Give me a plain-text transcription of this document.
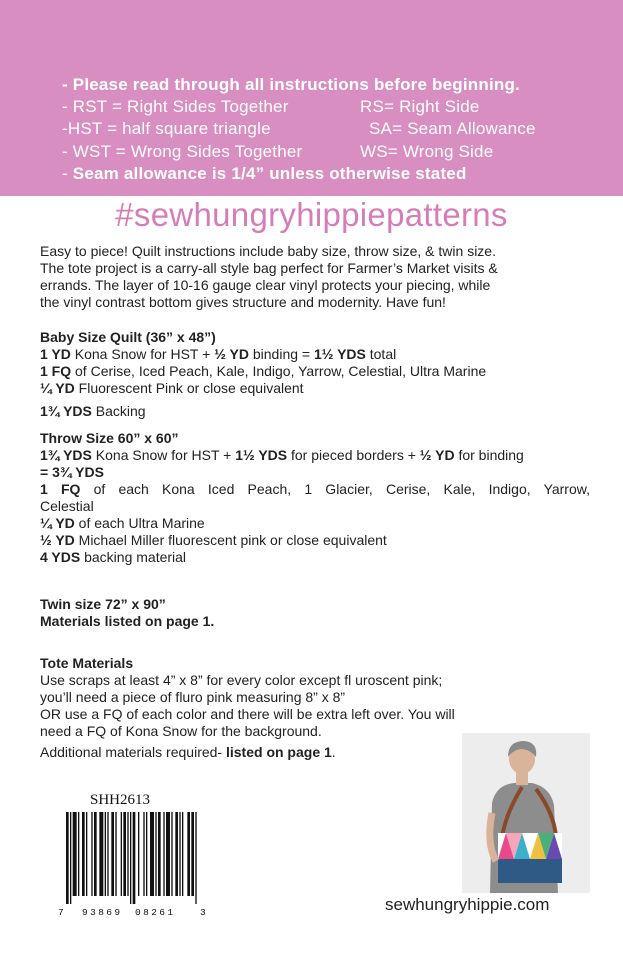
- Please read through all instructions before beginning.
- RST = Right Sides Together	RS= Right Side
-HST = half square triangle	SA= Seam Allowance
- WST = Wrong Sides Together	WS= Wrong Side
- Seam allowance is 1/4” unless otherwise stated
#sewhungryhippiepatterns

Easy to piece! Quilt instructions include baby size, throw size, & twin size.

The tote project is a carry-all style bag perfect for Farmer’s Market visits &

errands. The layer of 10-16 gauge clear vinyl protects your piecing, while

the vinyl contrast bottom gives structure and modernity. Have fun!

Baby Size Quilt (36” x 48”)

1 YD Kona Snow for HST + ½ YD binding = 1½ YDS total

1 FQ of Cerise, Iced Peach, Kale, Indigo, Yarrow, Celestial, Ultra Marine

¼ YD Fluorescent Pink or close equivalent

1¾ YDS Backing

Throw Size 60” x 60”

1¾ YDS Kona Snow for HST + 1½ YDS for pieced borders + ½ YD for binding

= 3¾ YDS

1 FQ of each Kona Iced Peach, 1 Glacier, Cerise, Kale, Indigo, Yarrow,

Celestial

¼ YD of each Ultra Marine

½ YD Michael Miller fluorescent pink or close equivalent

4 YDS backing material

Twin size 72” x 90”

Materials listed on page 1.

Tote Materials

Use scraps at least 4” x 8” for every color except fl uroscent pink;

you’ll need a piece of fluro pink measuring 8” x 8”

OR use a FQ of each color and there will be extra left over. You will

need a FQ of Kona Snow for the background.

Additional materials required- listed on page 1.

sewhungryhippie.com
SHH2613
7 93869 08261	3
